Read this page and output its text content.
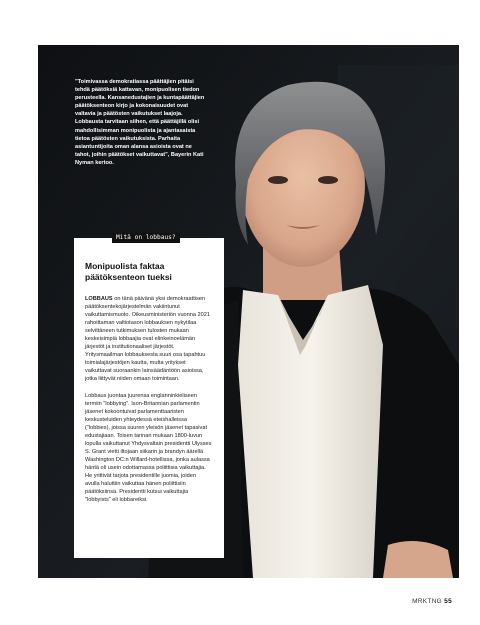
"Toimivassa demokratiassa päättäjien pitäisi tehdä päätöksiä kattavan, monipuolisen tiedon perusteella. Kansanedustajien ja kuntapäättäjien päätöksenteon kirjo ja kokonaisuudet ovat valtavia ja päätösten vaikutukset laajoja. Lobbausta tarvitaan siihen, että päättäjillä olisi mahdollisimman monipuolista ja ajantasaista tietoa päätösten vaikutuksista. Parhaita asiantuntijoita oman alansa asioista ovat ne tahot, joihin päätökset vaikuttavat", Bayerin Kati Nyman kertoo.
Mitä on lobbaus?
Monipuolista faktaa päätöksenteon tueksi

LOBBAUS on tänä päivänä yksi demokraattisen päätöksentekojärjestelmän vakiintunut vaikuttamismuoto. Oikeusministeriön vuonna 2021 rahoittaman valtiotason lobbauksen nykytilaa selvittäneen tutkimuksen tulosten mukaan keskeisimpiä lobbaajia ovat elinkeinoelämän järjestöt ja institutionaaliset järjestöt. Yritysmaailman lobbauksesta suuri osa tapahtuu toimialajärjestöjen kautta, mutta yritykset vaikuttavat suoraankin lainsäädäntöön asioissa, jotka liittyvät niiden omaan toimintaan.

Lobbaus juontaa juurensa englanninkieliseen termiin "lobbying". Ison-Britannian parlamentin jäsenet kokoontuivat parlamenttaaristen keskusteluiden yhteydessä eteishalleissa ("lobbies), joissa suuren yleisön jäsenet tapasivat edustajiaan. Toisen tarinan mukaan 1800-luvun lopulla vaikuttanut Yhdysvaltain presidentti Ulysses S. Grant vietti iltojaan siikarin ja brandyn äärellä Washington DC:n Willard-hotellissa, jonka aulassa häntä oli usein odottamassa poliittisia vaikuttajia. He yrittivät tarjota presidentille juomia, joiden avulla haluttiin vaikuttaa hänen poliittisiin päätöksiinsä. Presidentti kutsui vaikuttajia "lobbyists" eli lobbareiksi.

MRKTNG 55
